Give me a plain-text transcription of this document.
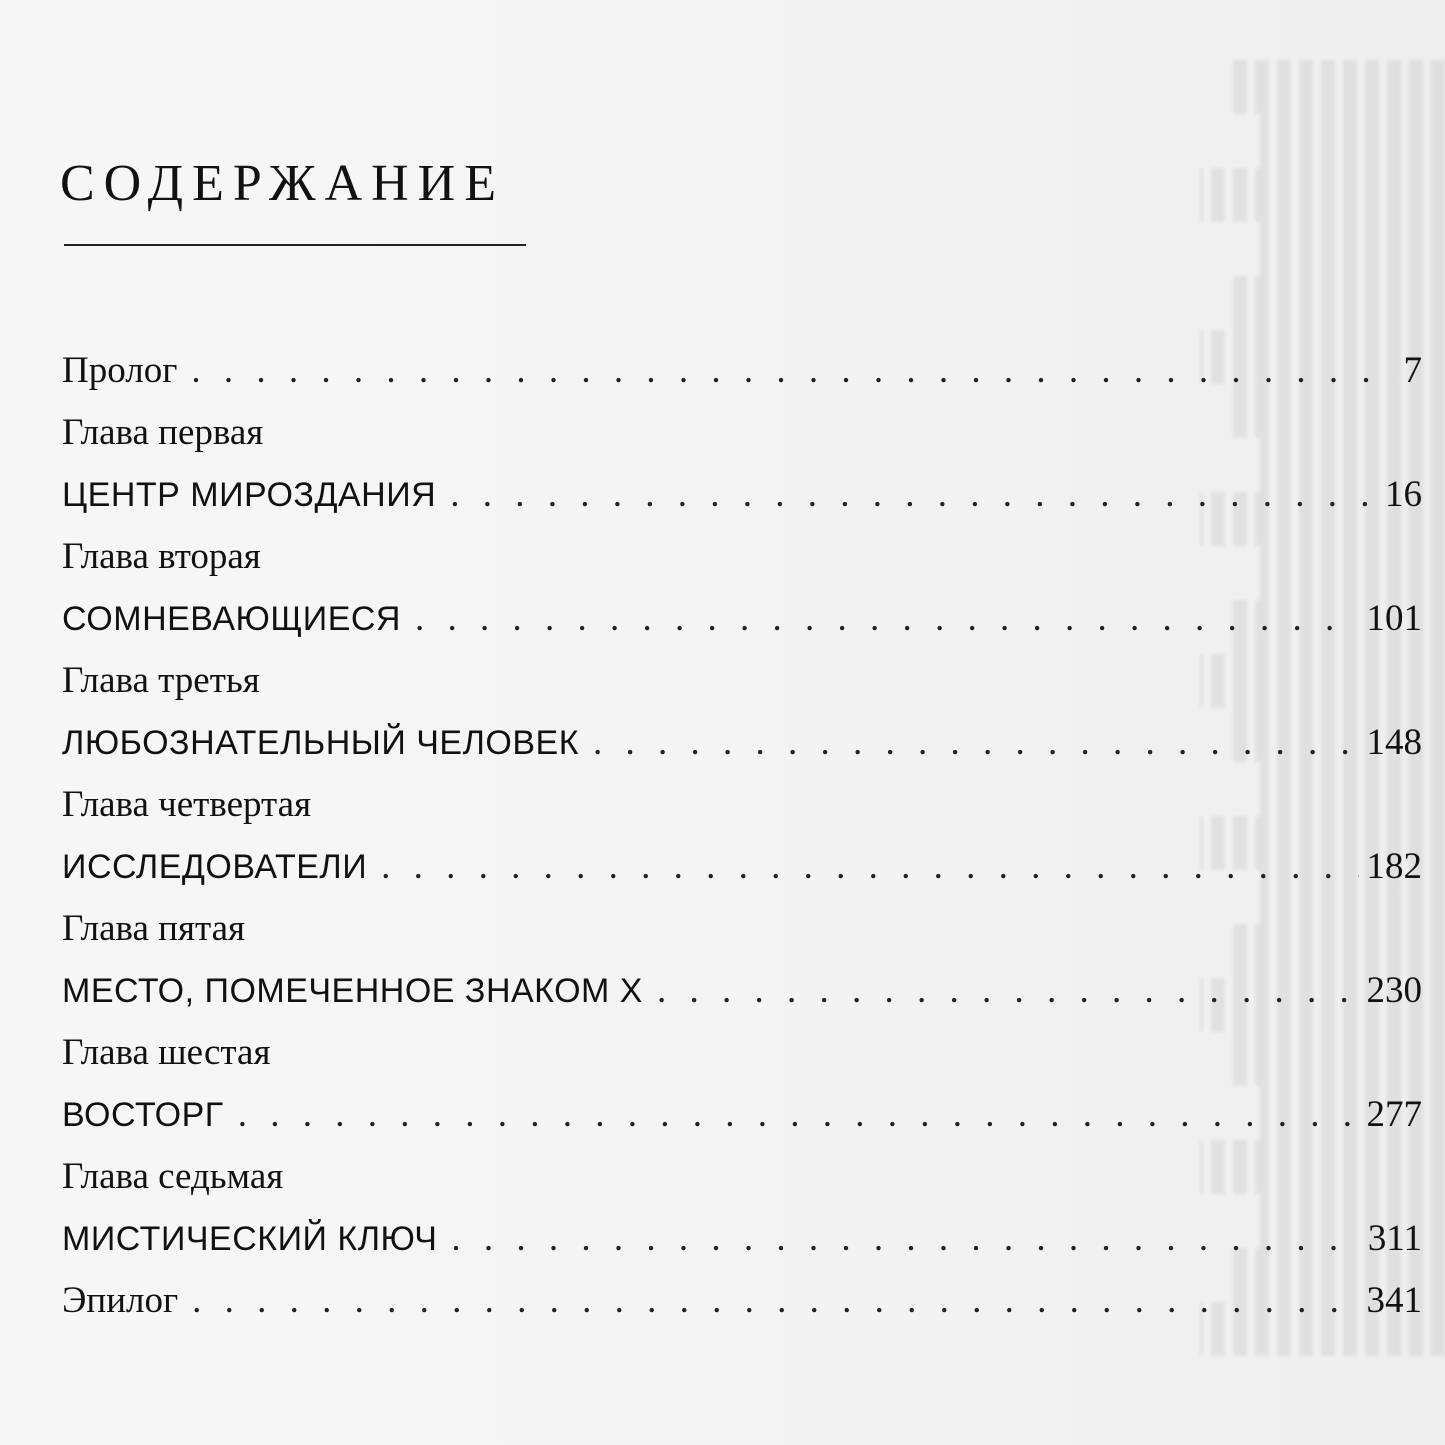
СОДЕРЖАНИЕ
Пролог . . .	7
Глава первая
ЦЕНТР МИРОЗДАНИЯ . . .	16
Глава вторая
СОМНЕВАЮЩИЕСЯ . . .	101
Глава третья
ЛЮБОЗНАТЕЛЬНЫЙ ЧЕЛОВЕК . . .	148
Глава четвертая
ИССЛЕДОВАТЕЛИ . . .	182
Глава пятая
МЕСТО, ПОМЕЧЕННОЕ ЗНАКОМ X . . .	230
Глава шестая
ВОСТОРГ . . .	277
Глава седьмая
МИСТИЧЕСКИЙ КЛЮЧ . . .	311
Эпилог . . .	341
